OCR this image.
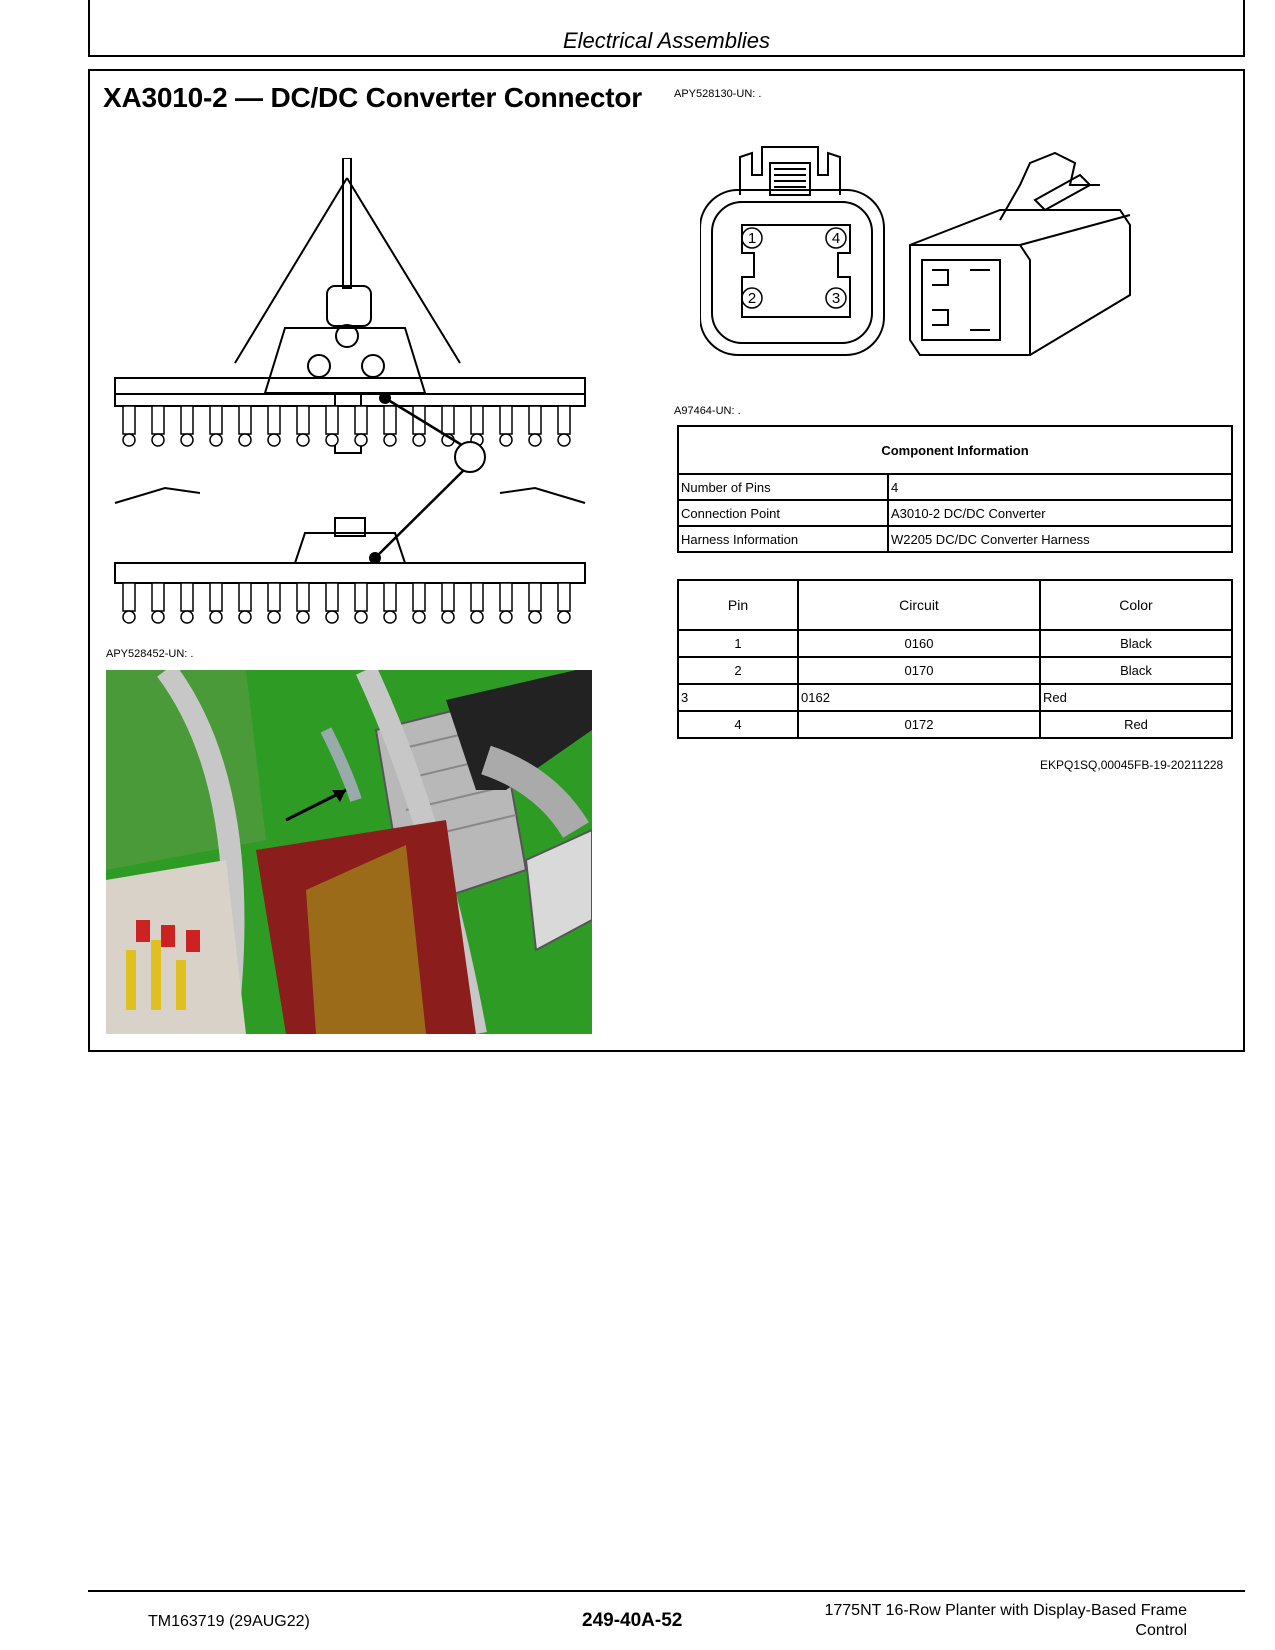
Electrical Assemblies
XA3010-2 — DC/DC Converter Connector	APY528130-UN: .
1	4
2	3
A97464-UN: .
Component Information	
Number of Pins	4
Connection Point	A3010-2 DC/DC Converter
Harness Information	W2205 DC/DC Converter Harness
Pin	Circuit	Color
1	0160	Black
2	0170	Black
3	0162	Red
4	0172	Red
EKPQ1SQ,00045FB-19-20211228
APY528452-UN: .
TM163719 (29AUG22)	249-40A-52	1775NT 16-Row Planter with Display-Based Frame
Control
